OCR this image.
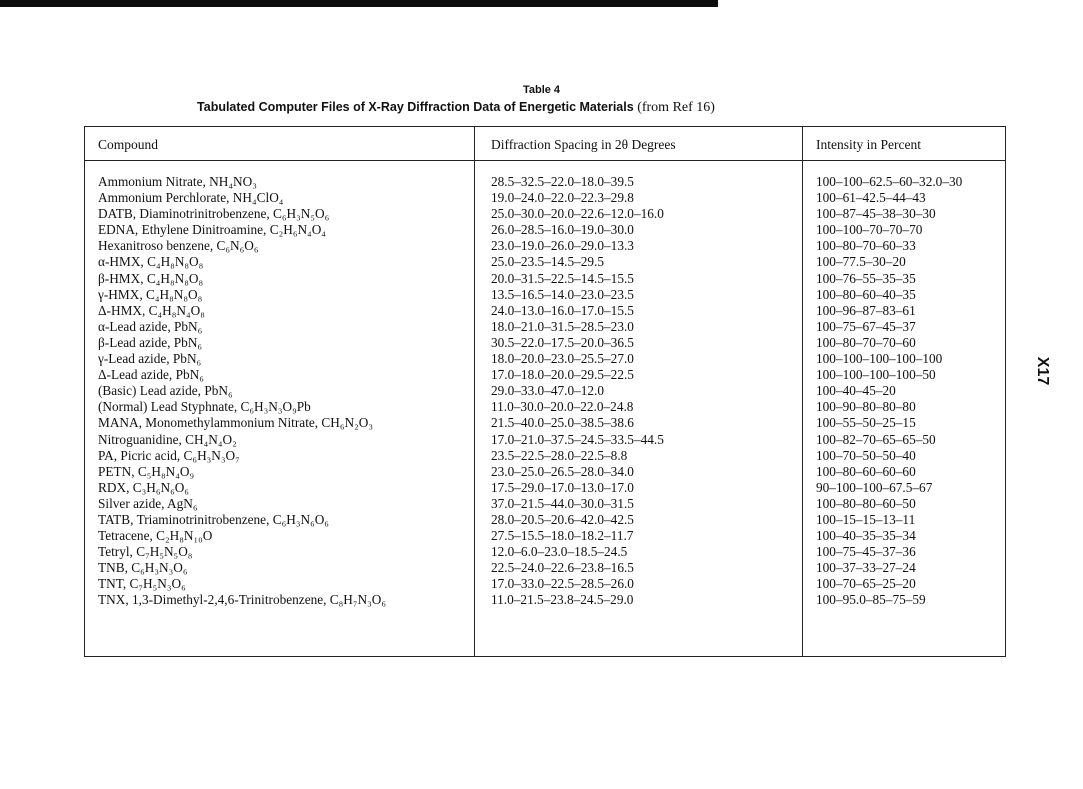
Table 4
Tabulated Computer Files of X-Ray Diffraction Data of Energetic Materials (from Ref 16)
Compound	Diffraction Spacing in 2θ Degrees	Intensity in Percent
Ammonium Nitrate, NH₄NO₃
Ammonium Perchlorate, NH₄ClO₄
DATB, Diaminotrinitrobenzene, C₆H₃N₅O₆
EDNA, Ethylene Dinitroamine, C₂H₆N₄O₄
Hexanitroso benzene, C₆N₆O₆
α-HMX, C₄H₈N₈O₈
β-HMX, C₄H₈N₈O₈
γ-HMX, C₄H₈N₈O₈
Δ-HMX, C₄H₈N₄O₈
α-Lead azide, PbN₆
β-Lead azide, PbN₆
γ-Lead azide, PbN₆
Δ-Lead azide, PbN₆
(Basic) Lead azide, PbN₆
(Normal) Lead Styphnate, C₆H₃N₃O₉Pb
MANA, Monomethylammonium Nitrate, CH₆N₂O₃
Nitroguanidine, CH₄N₄O₂
PA, Picric acid, C₆H₃N₃O₇
PETN, C₅H₈N₄O₉
RDX, C₃H₆N₆O₆
Silver azide, AgN₆
TATB, Triaminotrinitrobenzene, C₆H₃N₆O₆
Tetracene, C₂H₈N₁₀O
Tetryl, C₇H₅N₅O₈
TNB, C₆H₃N₃O₆
TNT, C₇H₅N₃O₆
TNX, 1,3-Dimethyl-2,4,6-Trinitrobenzene, C₈H₇N₃O₆
28.5–32.5–22.0–18.0–39.5
19.0–24.0–22.0–22.3–29.8
25.0–30.0–20.0–22.6–12.0–16.0
26.0–28.5–16.0–19.0–30.0
23.0–19.0–26.0–29.0–13.3
25.0–23.5–14.5–29.5
20.0–31.5–22.5–14.5–15.5
13.5–16.5–14.0–23.0–23.5
24.0–13.0–16.0–17.0–15.5
18.0–21.0–31.5–28.5–23.0
30.5–22.0–17.5–20.0–36.5
18.0–20.0–23.0–25.5–27.0
17.0–18.0–20.0–29.5–22.5
29.0–33.0–47.0–12.0
11.0–30.0–20.0–22.0–24.8
21.5–40.0–25.0–38.5–38.6
17.0–21.0–37.5–24.5–33.5–44.5
23.5–22.5–28.0–22.5–8.8
23.0–25.0–26.5–28.0–34.0
17.5–29.0–17.0–13.0–17.0
37.0–21.5–44.0–30.0–31.5
28.0–20.5–20.6–42.0–42.5
27.5–15.5–18.0–18.2–11.7
12.0–6.0–23.0–18.5–24.5
22.5–24.0–22.6–23.8–16.5
17.0–33.0–22.5–28.5–26.0
11.0–21.5–23.8–24.5–29.0
100–100–62.5–60–32.0–30
100–61–42.5–44–43
100–87–45–38–30–30
100–100–70–70–70
100–80–70–60–33
100–77.5–30–20
100–76–55–35–35
100–80–60–40–35
100–96–87–83–61
100–75–67–45–37
100–80–70–70–60
100–100–100–100–100
100–100–100–100–50
100–40–45–20
100–90–80–80–80
100–55–50–25–15
100–82–70–65–65–50
100–70–50–50–40
100–80–60–60–60
90–100–100–67.5–67
100–80–80–60–50
100–15–15–13–11
100–40–35–35–34
100–75–45–37–36
100–37–33–27–24
100–70–65–25–20
100–95.0–85–75–59
X17
